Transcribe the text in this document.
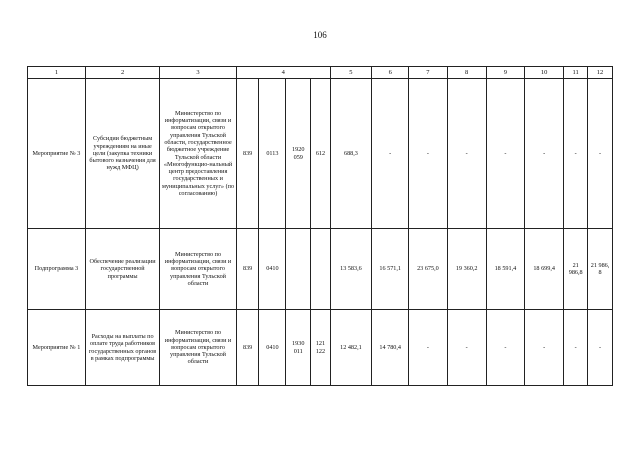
106
1	2	3	4				5	6	7	8	9	10	11	12
Мероприятие № 3	Субсидии бюджетным учреждениям на иные цели (закупка техники бытового назначения для нужд МФЦ)	Министерство по информатизации, связи и вопросам открытого управления Тульской области, государственное бюджетное учреждение Тульской области «Многофункцио-нальный центр предоставления государственных и муниципальных услуг» (по согласованию)	839	0113	1920 059	612	688,3	-	-	-	-	-	-	-
Подпрограмма 3	Обеспечение реализации государственной программы	Министерство по информатизации, связи и вопросам открытого управления Тульской области	839	0410			13 583,6	16 571,1	23 675,0	19 360,2	18 591,4	18 699,4	21 986,8	21 986, 8
Мероприятие № 1	Расходы на выплаты по оплате труда работников государственных органов в рамках подпрограммы	Министерство по информатизации, связи и вопросам открытого управления Тульской области	839	0410	1930 011	121 122	12 482,1	14 780,4	-	-	-	-	-	-
